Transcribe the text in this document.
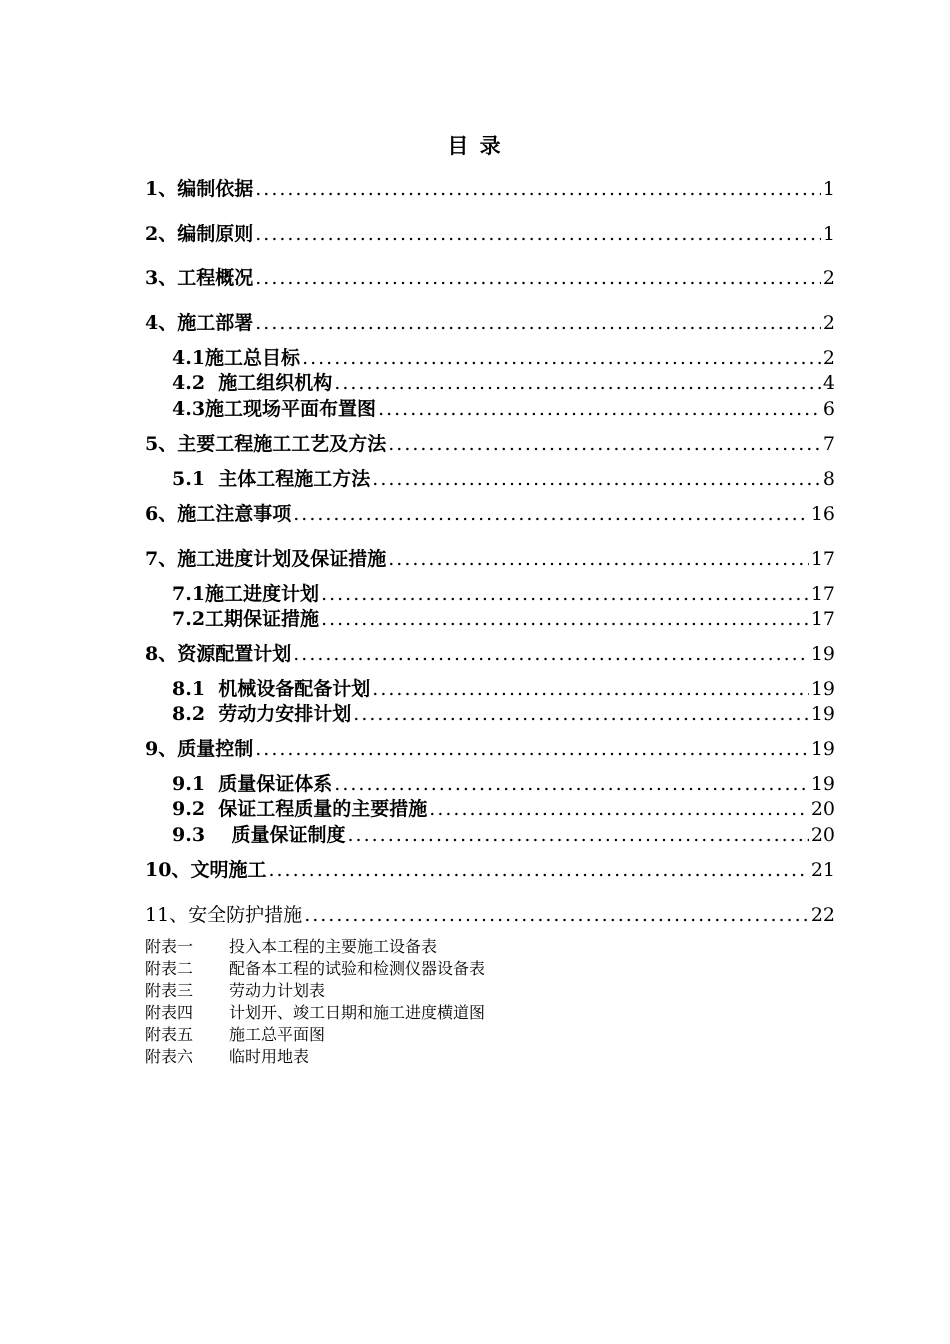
目 录
1、编制依据 .....	1
2、编制原则 .....	1
3、工程概况 .....	2
4、施工部署 .....	2
4.1施工总目标 .....	2
4.2  施工组织机构 .....	4
4.3施工现场平面布置图 .....	6
5、主要工程施工工艺及方法 .....	7
5.1  主体工程施工方法 .....	8
6、施工注意事项 .....	16
7、施工进度计划及保证措施 .....	17
7.1施工进度计划 .....	17
7.2工期保证措施 .....	17
8、资源配置计划 .....	19
8.1  机械设备配备计划 .....	19
8.2  劳动力安排计划 .....	19
9、质量控制 .....	19
9.1  质量保证体系 .....	19
9.2  保证工程质量的主要措施 .....	20
9.3    质量保证制度 .....	20
10、文明施工 .....	21
11、安全防护措施 .....	22
附表一 投入本工程的主要施工设备表
附表二 配备本工程的试验和检测仪器设备表
附表三 劳动力计划表
附表四 计划开、竣工日期和施工进度横道图
附表五 施工总平面图
附表六 临时用地表
